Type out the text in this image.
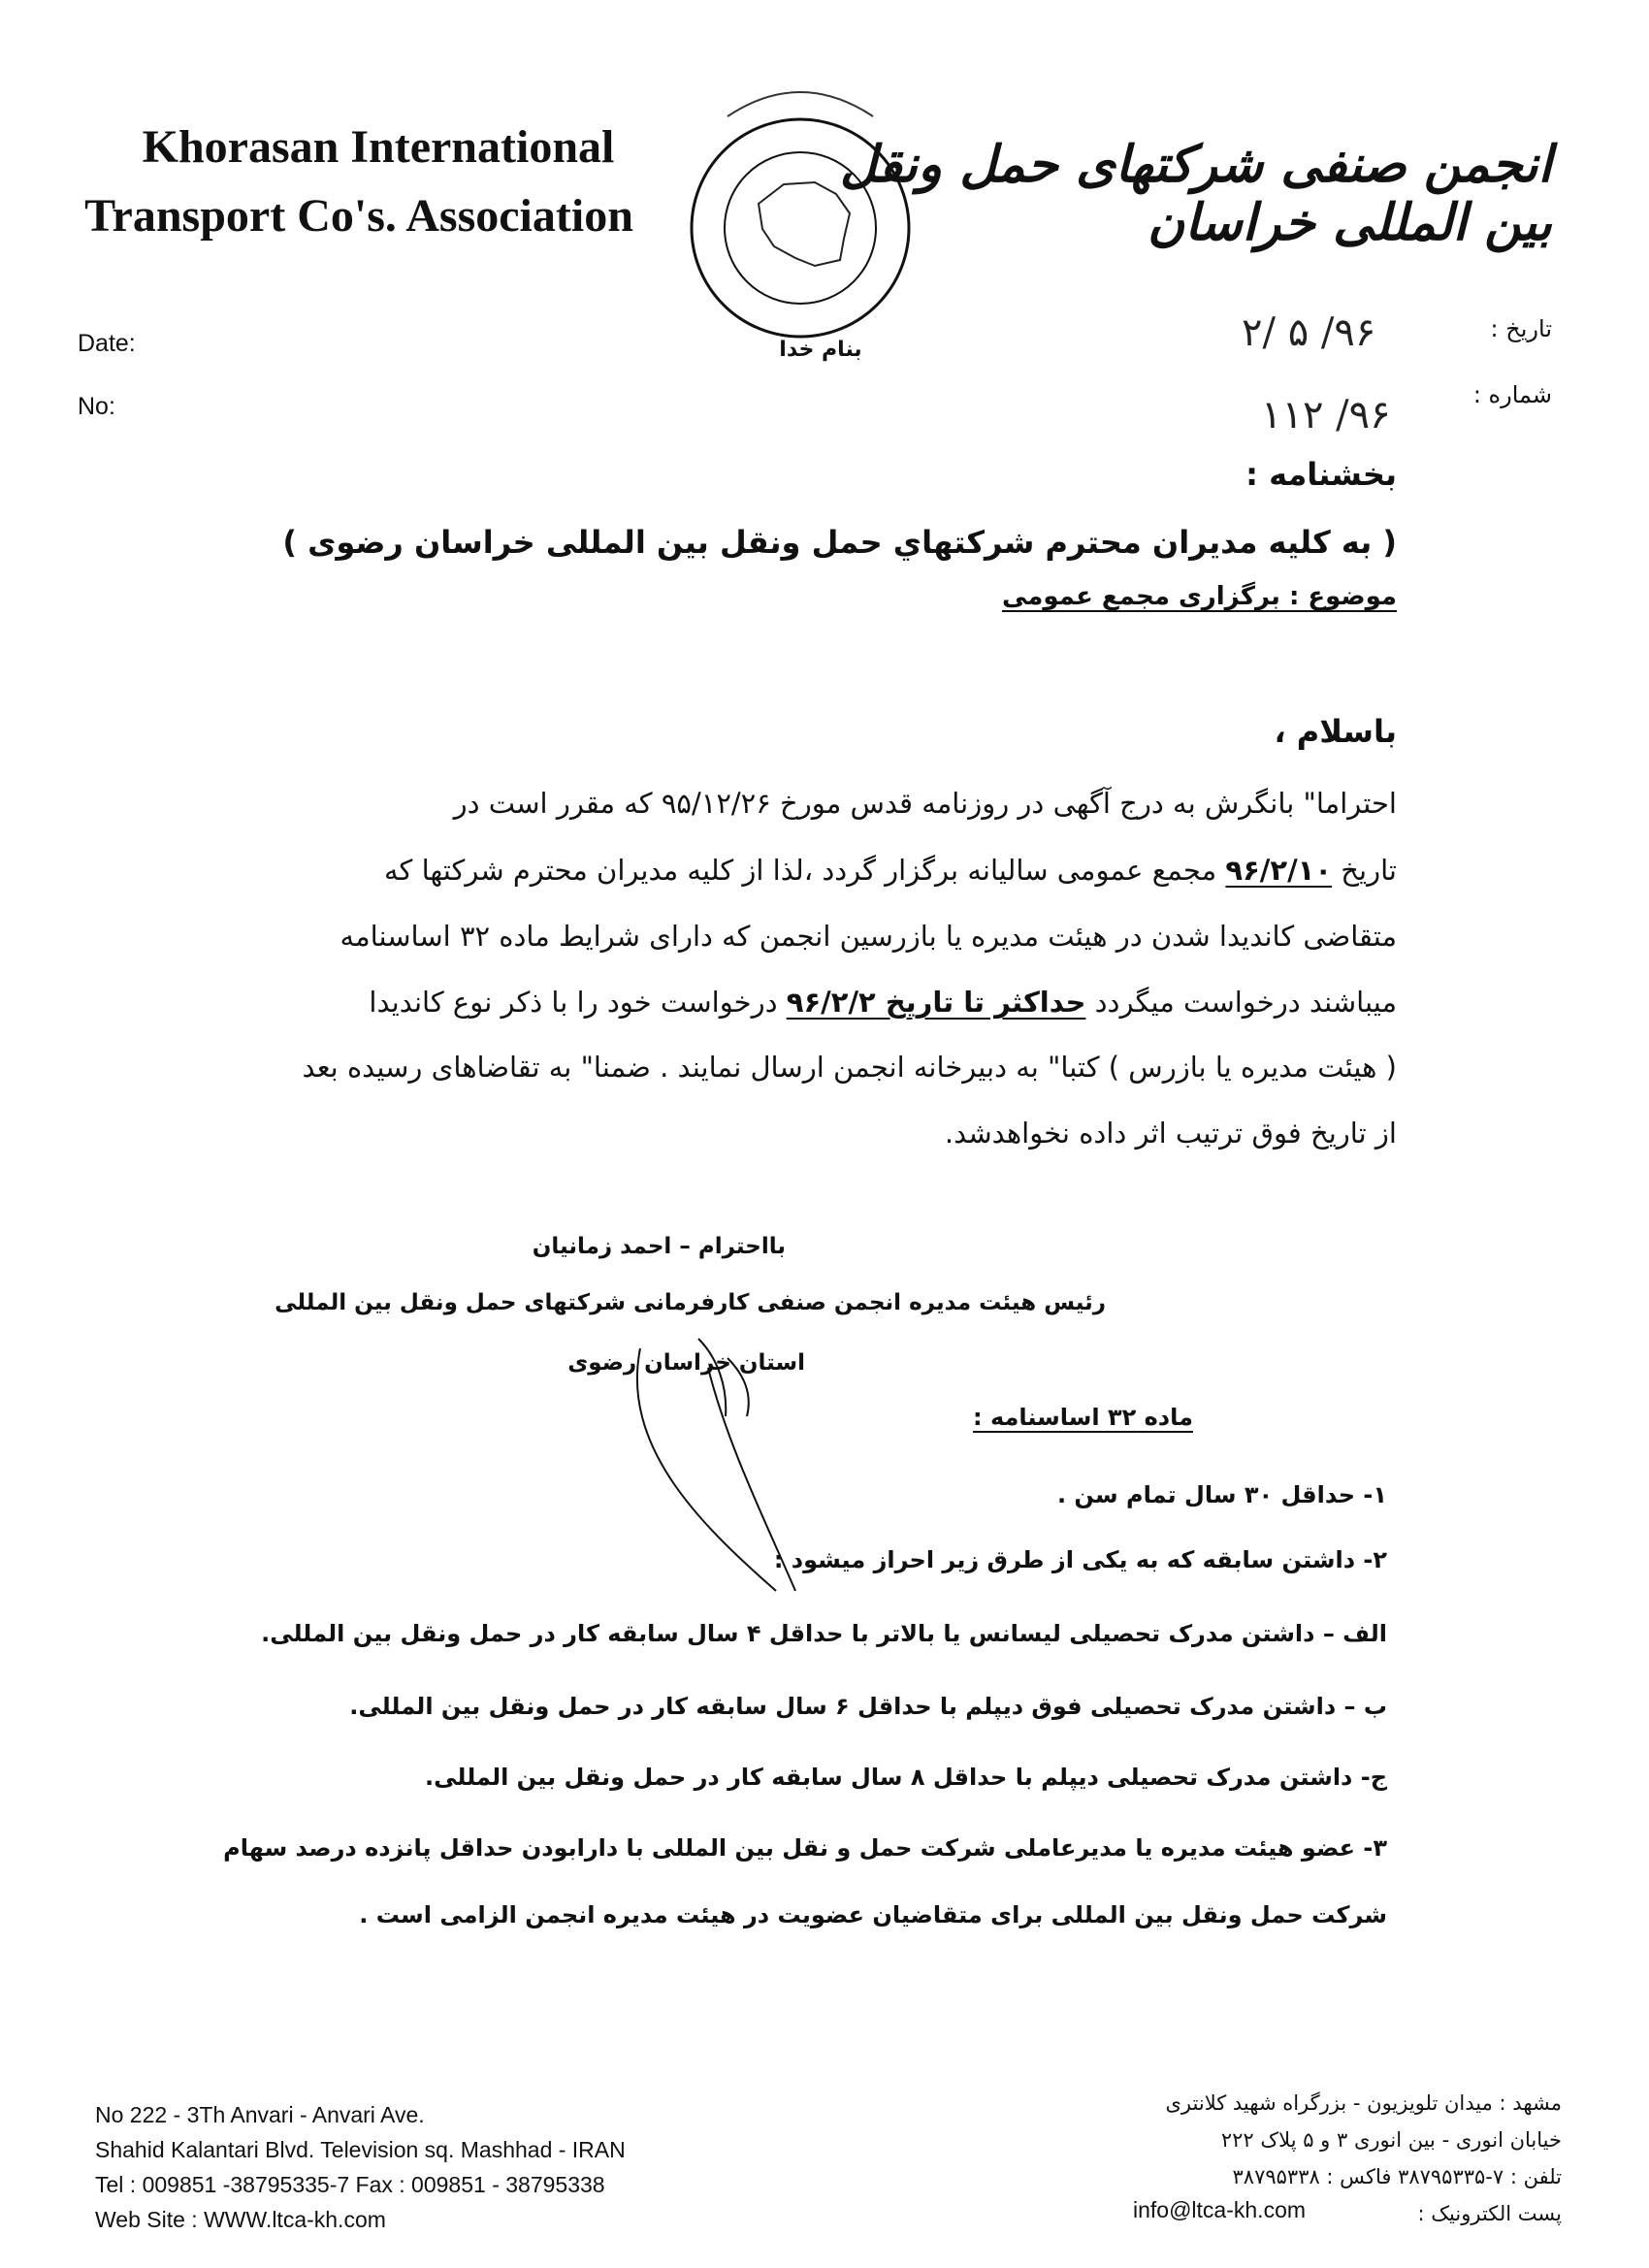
Khorasan International
Transport Co's. Association
انجمن صنفی شرکتهای حمل ونقل بین المللی خراسان
بنام خدا
Date:
No:
تاریخ :
شماره :
۹۶/ ۵ /۲
۹۶/ ۱۱۲
بخشنامه :
( به کلیه مدیران محترم شرکتهاي حمل ونقل بین المللی خراسان رضوی )
موضوع : برگزاری مجمع عمومی
باسلام ،
احتراما" بانگرش به درج آگهی در روزنامه قدس مورخ ۹۵/۱۲/۲۶ که مقرر است در
تاریخ ۹۶/۲/۱۰ مجمع عمومی سالیانه برگزار گردد ،لذا از کلیه مدیران محترم شرکتها که
متقاضی کاندیدا شدن در هیئت مدیره یا بازرسین انجمن که دارای شرایط ماده ۳۲ اساسنامه
میباشند درخواست میگردد حداکثر تا تاریخ ۹۶/۲/۲ درخواست خود را با ذکر نوع کاندیدا
( هیئت مدیره یا بازرس ) کتبا" به دبیرخانه انجمن ارسال نمایند . ضمنا" به تقاضاهای رسیده بعد
از تاریخ فوق ترتیب اثر داده نخواهدشد.
بااحترام – احمد زمانیان
رئیس هیئت مدیره انجمن صنفی کارفرمانی شرکتهای حمل ونقل بین المللی
استان خراسان رضوی
ماده ۳۲ اساسنامه :
۱- حداقل ۳۰ سال تمام سن .
۲- داشتن سابقه که به یکی از طرق زیر احراز میشود :
الف – داشتن مدرک تحصیلی لیسانس یا بالاتر با حداقل ۴ سال سابقه کار در حمل ونقل بین المللی.
ب – داشتن مدرک تحصیلی فوق دیپلم با حداقل ۶ سال سابقه کار در حمل ونقل بین المللی.
ج- داشتن مدرک تحصیلی دیپلم با حداقل ۸ سال سابقه کار در حمل ونقل بین المللی.
۳- عضو هیئت مدیره یا مدیرعاملی شرکت حمل و نقل بین المللی با دارابودن حداقل پانزده درصد سهام
شرکت حمل ونقل بین المللی برای متقاضیان عضویت در هیئت مدیره انجمن الزامی است .
No 222 - 3Th Anvari - Anvari Ave.
Shahid Kalantari Blvd. Television sq. Mashhad - IRAN
Tel : 009851 -38795335-7 Fax : 009851 - 38795338
Web Site : WWW.ltca-kh.com
مشهد : میدان تلویزیون - بزرگراه شهید کلانتری
خیابان انوری - بین انوری ۳ و ۵ پلاک ۲۲۲
تلفن : ۷-۳۸۷۹۵۳۳۵ فاکس : ۳۸۷۹۵۳۳۸
پست الکترونیک :
info@ltca-kh.com
